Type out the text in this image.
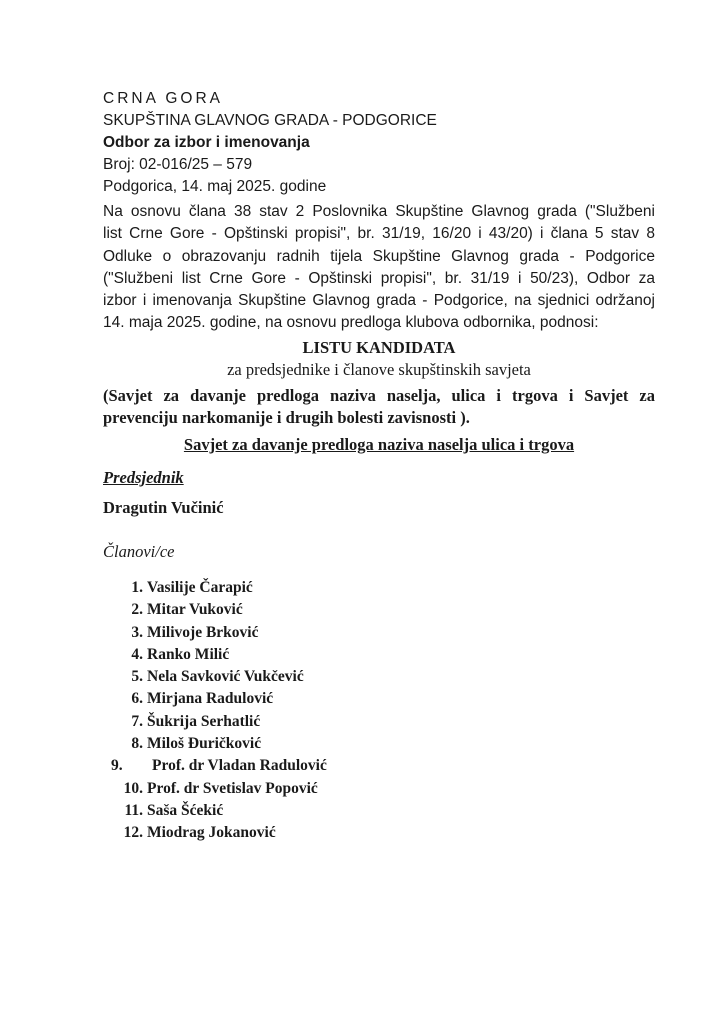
CRNA GORA
SKUPŠTINA GLAVNOG GRADA - PODGORICE
Odbor za izbor i imenovanja
Broj: 02-016/25 – 579
Podgorica, 14. maj 2025. godine
Na osnovu člana 38 stav 2 Poslovnika Skupštine Glavnog grada ("Službeni
list Crne Gore - Opštinski propisi", br. 31/19, 16/20 i 43/20) i člana 5 stav 8
Odluke o obrazovanju radnih tijela Skupštine Glavnog grada - Podgorice
("Službeni list Crne Gore - Opštinski propisi", br. 31/19 i 50/23), Odbor za
izbor i imenovanja Skupštine Glavnog grada - Podgorice, na sjednici održanoj
14. maja 2025. godine, na osnovu predloga klubova odbornika, podnosi:
LISTU KANDIDATA
za predsjednike i članove skupštinskih savjeta
(Savjet za davanje predloga naziva naselja, ulica i trgova i Savjet za
prevenciju narkomanije i drugih bolesti zavisnosti ).
Savjet za davanje predloga naziva naselja ulica i trgova
Predsjednik
Dragutin Vučinić
Članovi/ce
1. Vasilije Čarapić
2. Mitar Vuković
3. Milivoje Brković
4. Ranko Milić
5. Nela Savković Vukčević
6. Mirjana Radulović
7. Šukrija Serhatlić
8. Miloš Đuričković
9.	Prof. dr Vladan Radulović
10. Prof. dr Svetislav Popović
11. Saša Šćekić
12. Miodrag Jokanović
